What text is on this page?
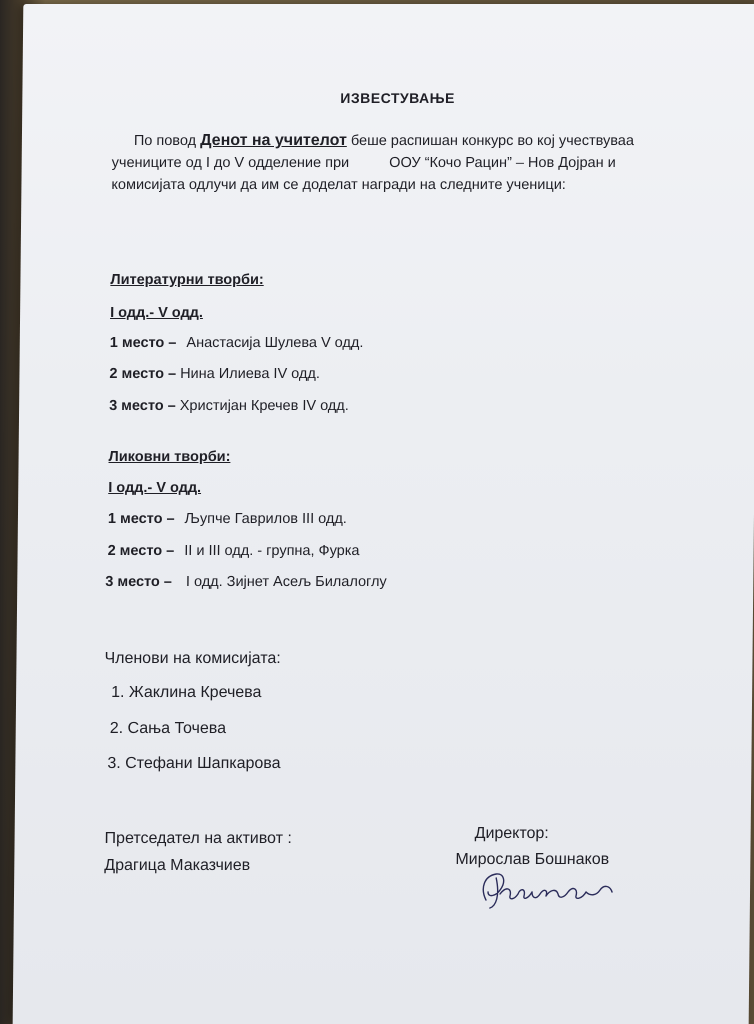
ИЗВЕСТУВАЊЕ
По повод Денот на учителот беше распишан конкурс во кој учествуваа
учениците од I до V одделение при	ООУ “Кочо Рацин” – Нов Дојран и
комисијата одлучи да им се доделат награди на следните ученици:
Литературни творби:
I одд.- V одд.
1 место – Анастасија Шулева V одд.
2 место – Нина Илиева IV одд.
3 место – Христијан Кречев IV одд.
Ликовни творби:
I одд.- V одд.
1 место – Љупче Гаврилов III одд.
2 место – II и III одд. - групна, Фурка
3 место – I одд. Зијнет Асељ Билалоглу
Членови на комисијата:
1. Жаклина Кречева
2. Сања Точева
3. Стефани Шапкарова
Претседател на активот :
Драгица Маказчиев
Директор:
Мирослав Бошнаков
